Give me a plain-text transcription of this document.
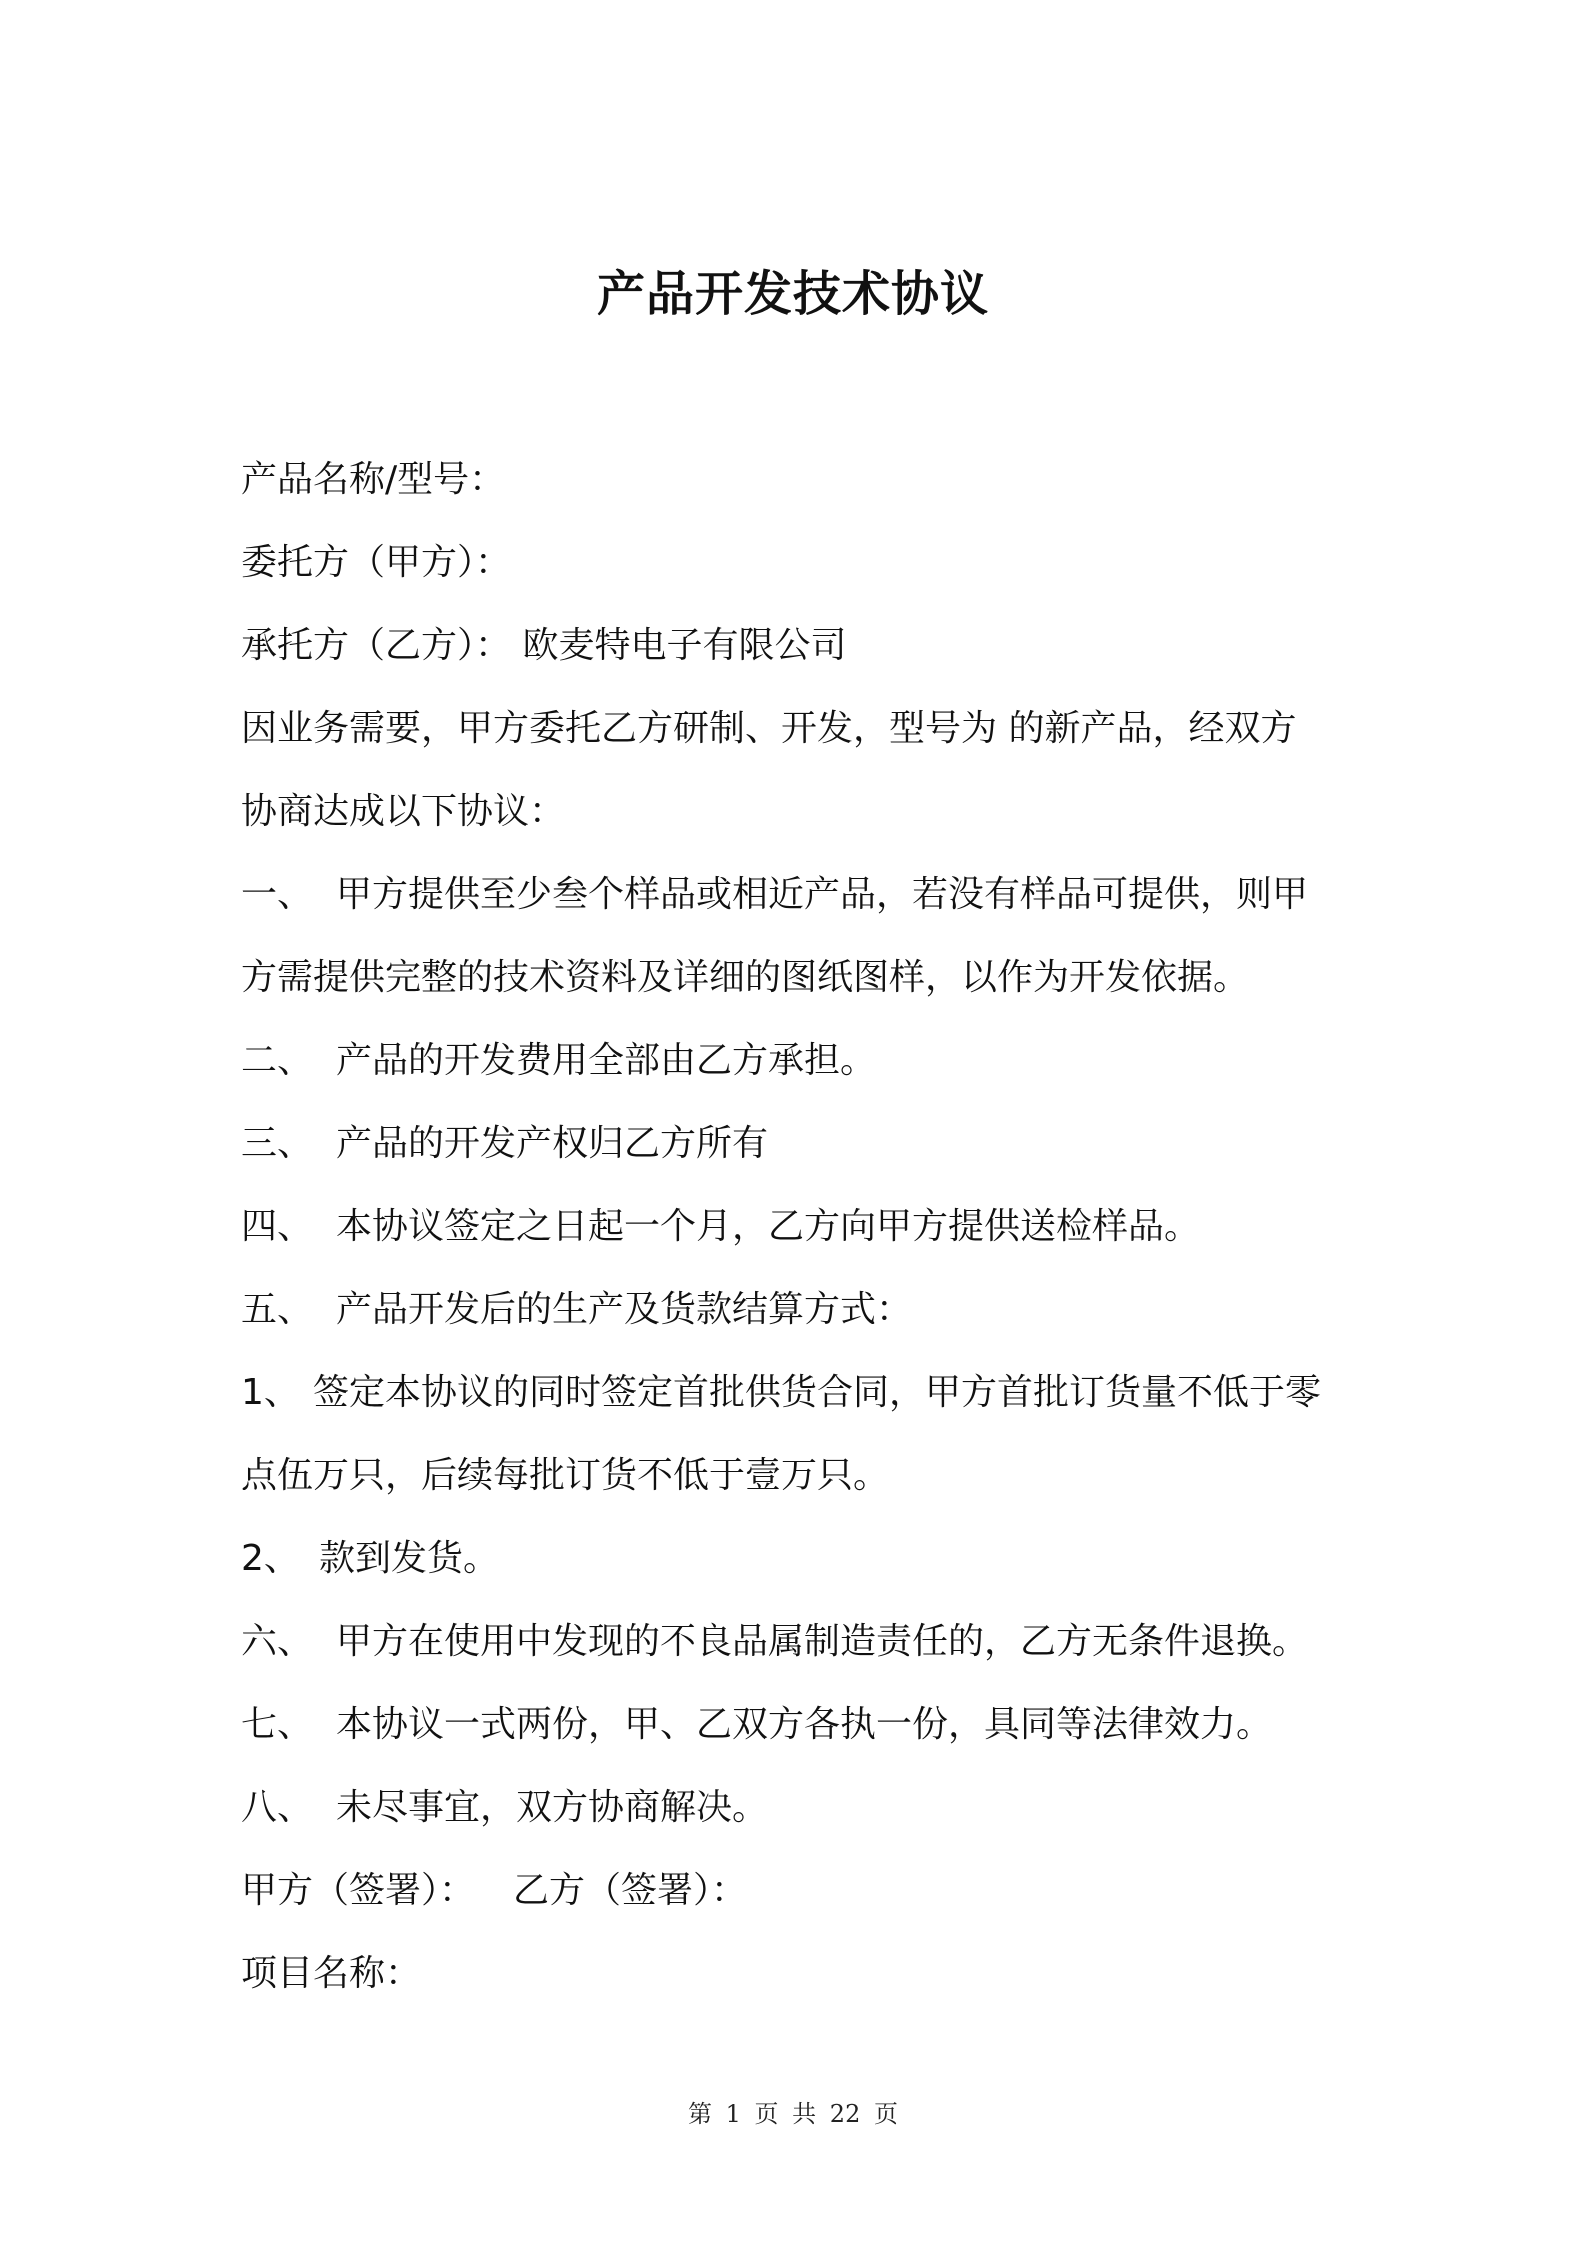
产品开发技术协议
产品名称/型号：
委托方（甲方）：
承托方（乙方）： 欧麦特电子有限公司
因业务需要，甲方委托乙方研制、开发，型号为 的新产品，经双方
协商达成以下协议：
一、 甲方提供至少叁个样品或相近产品，若没有样品可提供，则甲
方需提供完整的技术资料及详细的图纸图样，以作为开发依据。
二、 产品的开发费用全部由乙方承担。
三、 产品的开发产权归乙方所有
四、 本协议签定之日起一个月，乙方向甲方提供送检样品。
五、 产品开发后的生产及货款结算方式：
1、 签定本协议的同时签定首批供货合同，甲方首批订货量不低于零
点伍万只，后续每批订货不低于壹万只。
2、 款到发货。
六、 甲方在使用中发现的不良品属制造责任的，乙方无条件退换。
七、 本协议一式两份，甲、乙双方各执一份，具同等法律效力。
八、 未尽事宜，双方协商解决。
甲方（签署）： 乙方（签署）：
项目名称：
第 1 页 共 22 页
